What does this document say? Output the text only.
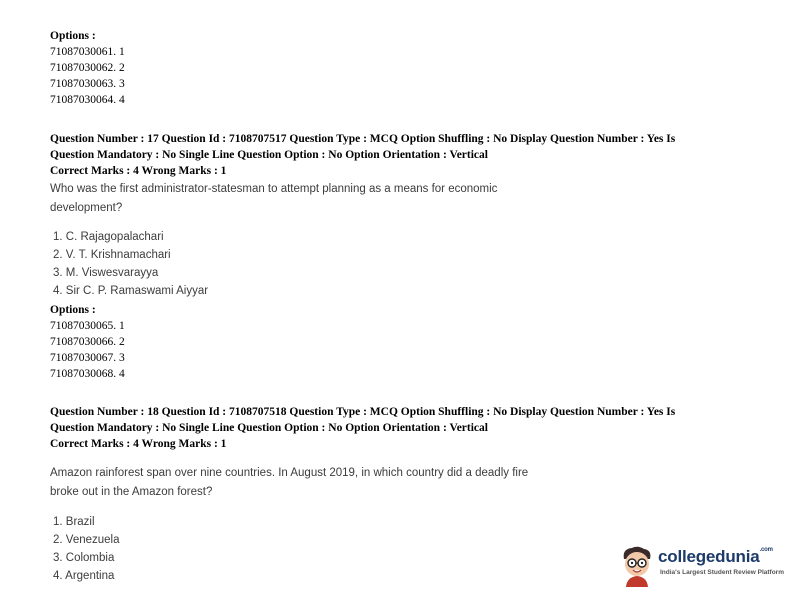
Options :
71087030061. 1
71087030062. 2
71087030063. 3
71087030064. 4
Question Number : 17 Question Id : 7108707517 Question Type : MCQ Option Shuffling : No Display Question Number : Yes Is
Question Mandatory : No Single Line Question Option : No Option Orientation : Vertical
Correct Marks : 4 Wrong Marks : 1
Who was the first administrator-statesman to attempt planning as a means for economic
development?
1. C. Rajagopalachari
2. V. T. Krishnamachari
3. M. Viswesvarayya
4. Sir C. P. Ramaswami Aiyyar
Options :
71087030065. 1
71087030066. 2
71087030067. 3
71087030068. 4
Question Number : 18 Question Id : 7108707518 Question Type : MCQ Option Shuffling : No Display Question Number : Yes Is
Question Mandatory : No Single Line Question Option : No Option Orientation : Vertical
Correct Marks : 4 Wrong Marks : 1
Amazon rainforest span over nine countries. In August 2019, in which country did a deadly fire
broke out in the Amazon forest?
1. Brazil
2. Venezuela
3. Colombia
4. Argentina
collegedunia$^{.com}$
India's Largest Student Review Platform
